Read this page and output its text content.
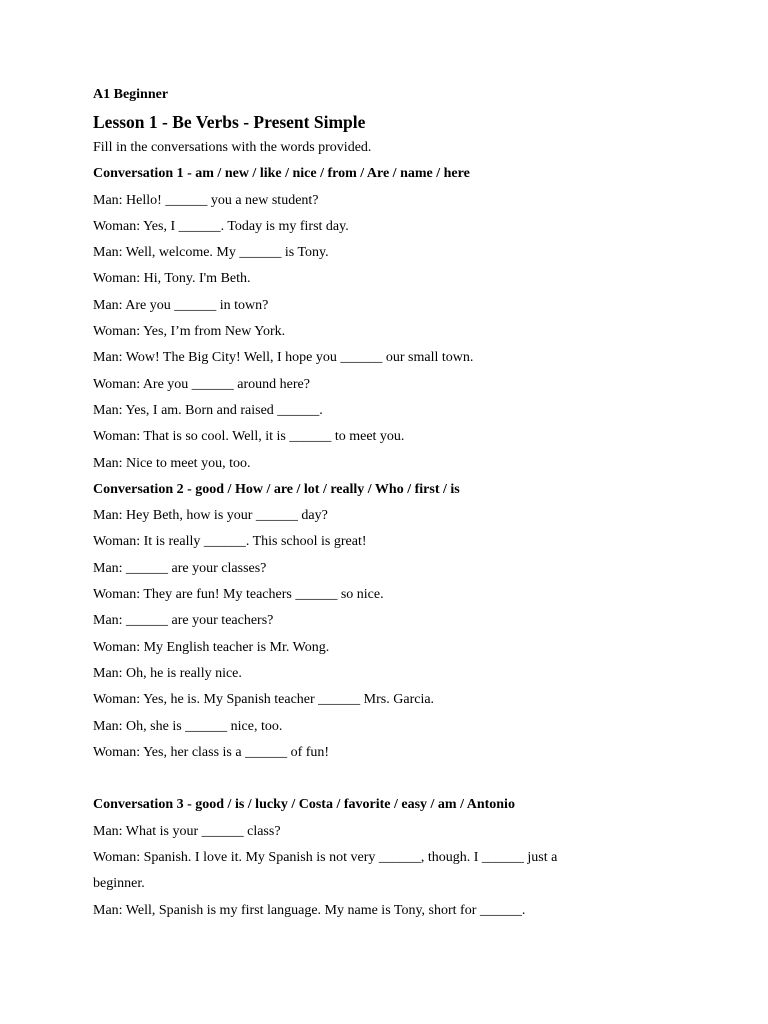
A1 Beginner

Lesson 1 - Be Verbs - Present Simple

Fill in the conversations with the words provided.

Conversation 1 - am / new / like / nice / from / Are / name / here

Man: Hello! ______ you a new student?

Woman: Yes, I ______. Today is my first day.

Man: Well, welcome. My ______ is Tony.

Woman: Hi, Tony. I'm Beth.

Man: Are you ______ in town?

Woman: Yes, I’m from New York.

Man: Wow! The Big City! Well, I hope you ______ our small town.

Woman: Are you ______ around here?

Man: Yes, I am. Born and raised ______.

Woman: That is so cool. Well, it is ______ to meet you.

Man: Nice to meet you, too.

Conversation 2 - good / How / are / lot / really / Who / first / is

Man: Hey Beth, how is your ______ day?

Woman: It is really ______. This school is great!

Man: ______ are your classes?

Woman: They are fun! My teachers ______ so nice.

Man: ______ are your teachers?

Woman: My English teacher is Mr. Wong.

Man: Oh, he is really nice.

Woman: Yes, he is. My Spanish teacher ______ Mrs. Garcia.

Man: Oh, she is ______ nice, too.

Woman: Yes, her class is a ______ of fun!

Conversation 3 - good / is / lucky / Costa / favorite / easy / am / Antonio

Man: What is your ______ class?

Woman: Spanish. I love it. My Spanish is not very ______, though. I ______ just a beginner.

Man: Well, Spanish is my first language. My name is Tony, short for ______.
